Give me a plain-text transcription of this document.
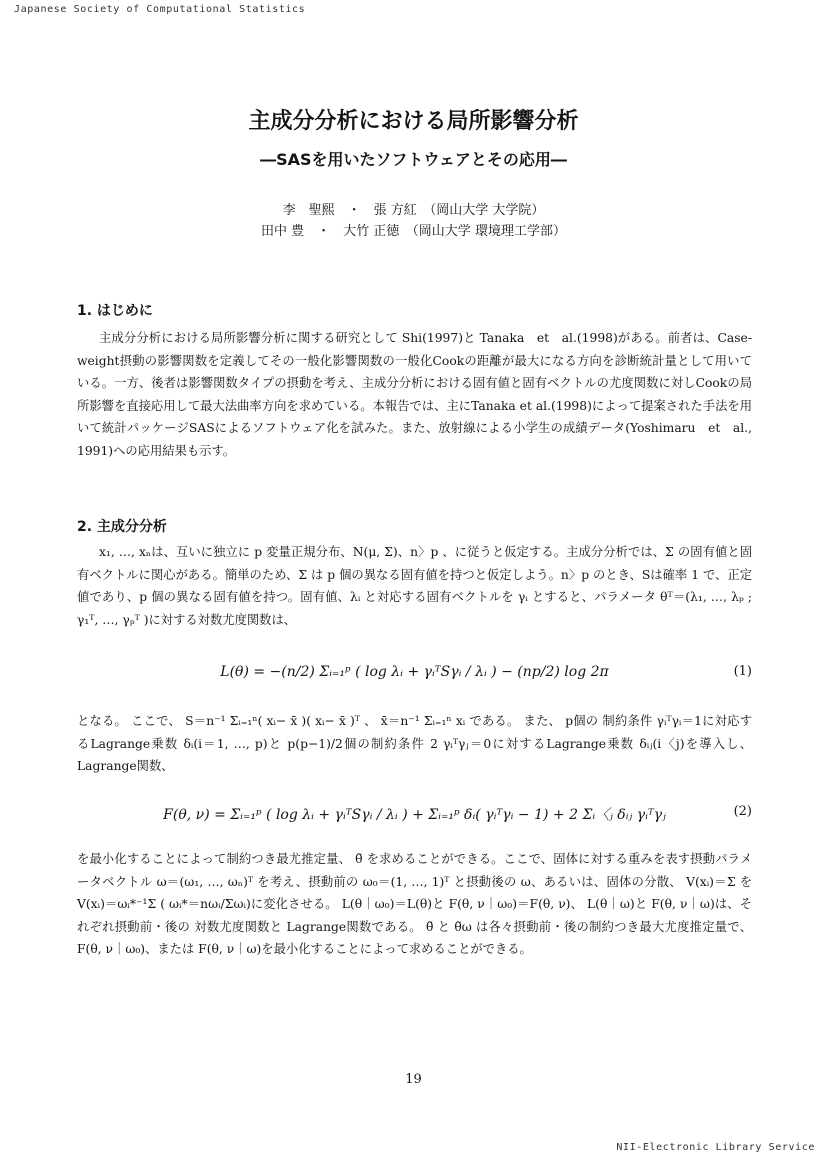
Japanese Society of Computational Statistics
主成分分析における局所影響分析
―SASを用いたソフトウェアとその応用―
李　聖熙　・　張 方紅　（岡山大学 大学院）
田中 豊　・　大竹 正徳　（岡山大学 環境理工学部）
1. はじめに
主成分分析における局所影響分析に関する研究として Shi(1997)と Tanaka　et　al.(1998)がある。前者は、Case-weight摂動の影響関数を定義してその一般化影響関数の一般化Cookの距離が最大になる方向を診断統計量として用いている。一方、後者は影響関数タイプの摂動を考え、主成分分析における固有値と固有ベクトルの尤度関数に対しCookの局所影響を直接応用して最大法曲率方向を求めている。本報告では、主にTanaka et al.(1998)によって提案された手法を用いて統計パッケージSASによるソフトウェア化を試みた。また、放射線による小学生の成績データ(Yoshimaru　et　al., 1991)への応用結果も示す。
2. 主成分分析
x₁, …, xₙは、互いに独立に p 変量正規分布、N(μ, Σ)、n〉p 、に従うと仮定する。主成分分析では、Σ の固有値と固有ベクトルに関心がある。簡単のため、Σ は p 個の異なる固有値を持つと仮定しよう。n〉p のとき、Sは確率 1 で、正定値であり、p 個の異なる固有値を持つ。固有値、λᵢ と対応する固有ベクトルを γᵢ とすると、パラメータ θᵀ＝(λ₁, …, λₚ ; γ₁ᵀ, …, γₚᵀ )に対する対数尤度関数は、
L(θ) = −(n/2) Σᵢ₌₁ᵖ ( log λᵢ + γᵢᵀSγᵢ / λᵢ ) − (np/2) log 2π	(1)
となる。 ここで、 S＝n⁻¹ Σᵢ₌₁ⁿ( xᵢ− x̄ )( xᵢ− x̄ )ᵀ 、 x̄＝n⁻¹ Σᵢ₌₁ⁿ xᵢ である。 また、 p個の 制約条件 γᵢᵀγᵢ＝1に対応するLagrange乗数 δᵢ(i＝1, …, p)と p(p−1)/2個の制約条件 2 γᵢᵀγⱼ＝0に対するLagrange乗数 δᵢⱼ(i〈j)を導入し、Lagrange関数、
F(θ, ν) = Σᵢ₌₁ᵖ ( log λᵢ + γᵢᵀSγᵢ / λᵢ ) + Σᵢ₌₁ᵖ δᵢ( γᵢᵀγᵢ − 1) + 2 Σᵢ〈ⱼ δᵢⱼ γᵢᵀγⱼ	(2)
を最小化することによって制約つき最尤推定量、 θ̃ を求めることができる。ここで、固体に対する重みを表す摂動パラメータベクトル ω＝(ω₁, …, ωₙ)ᵀ を考え、摂動前の ω₀＝(1, …, 1)ᵀ と摂動後の ω、あるいは、固体の分散、 V(xᵢ)＝Σ を V(xᵢ)＝ωᵢ*⁻¹Σ ( ωᵢ*＝nωᵢ/Σωᵢ)に変化させる。 L(θ｜ω₀)＝L(θ)と F(θ, ν｜ω₀)＝F(θ, ν)、 L(θ｜ω)と F(θ, ν｜ω)は、それぞれ摂動前・後の 対数尤度関数と Lagrange関数である。 θ̃ と θ̃ω は各々摂動前・後の制約つき最大尤度推定量で、 F(θ, ν｜ω₀)、または F(θ, ν｜ω)を最小化することによって求めることができる。
19
NII-Electronic Library Service
